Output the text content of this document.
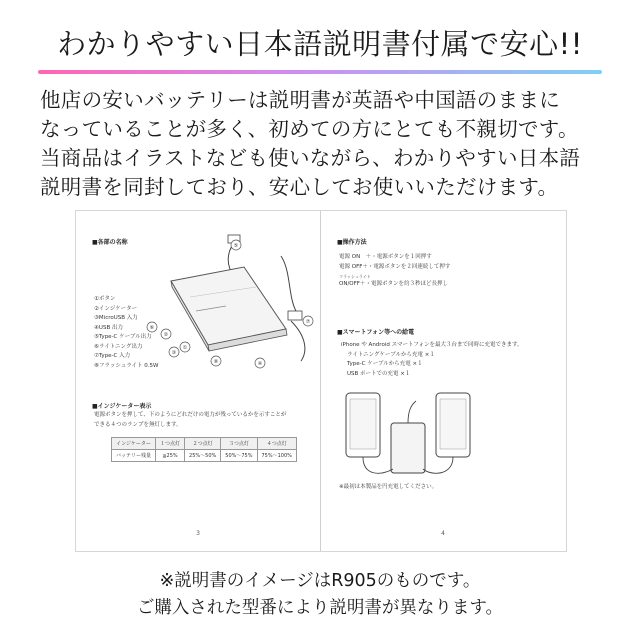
わかりやすい日本語説明書付属で安心!!
他店の安いバッテリーは説明書が英語や中国語のままに
なっていることが多く、初めての方にとても不親切です。
当商品はイラストなども使いながら、わかりやすい日本語
説明書を同封しており、安心してお使いいただけます。
■各部の名称
①ボタン
②インジケーター
③MicroUSB 入力
④USB 出力
⑤Type-C ケーブル出力
⑥ライトニング出力
⑦Type-C 入力
⑧フラッシュライト 0.5W
⑤
①
②
③
④
⑥
⑦
⑧
■インジケーター表示
電源ボタンを押して、下のようにどれだけの電力が残っているかを示すことが
できる４つのランプを無灯します。
インジケーター	１つ点灯	２つ点灯	３つ点灯	４つ点灯
バッテリー残量	≦25%	25%〜50%	50%〜75%	75%〜100%
3
■操作方法
電源 ON　＋・電源ボタンを１回押す
電源 OFF＋・電源ボタンを２回連続して押す
フラッシュライト
ON/OFF＋・電源ボタンを約３秒ほど長押し
■スマートフォン等への給電
iPhone や Android スマートフォンを最大３台まで同時に充電できます。
ライトニングケーブルから充電 ×１
Type-C ケーブルから充電 ×１
USB ポートでの充電 ×１
※最初は本製品を円充電してください。
4
※説明書のイメージはR905のものです。
ご購入された型番により説明書が異なります。
